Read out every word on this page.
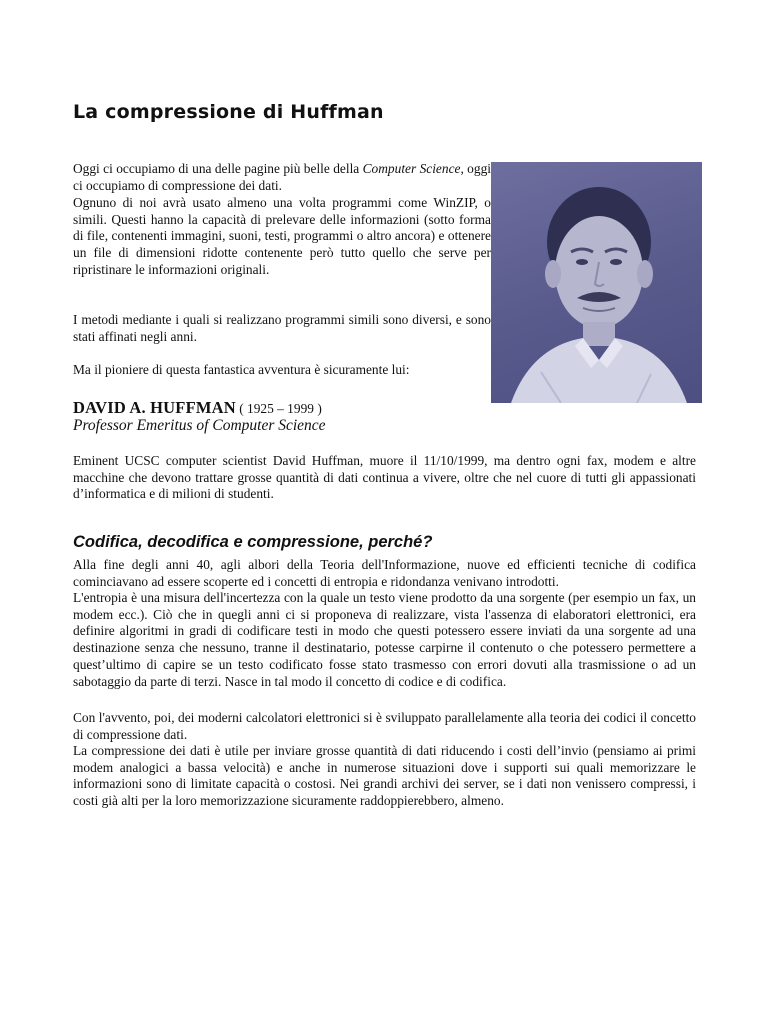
La compressione di Huffman

Oggi ci occupiamo di una delle pagine più belle della Computer Science, oggi ci occupiamo di compressione dei dati.

Ognuno di noi avrà usato almeno una volta programmi come WinZIP, o simili. Questi hanno la capacità di prelevare delle informazioni (sotto forma di file, contenenti immagini, suoni, testi, programmi o altro ancora) e ottenere un file di dimensioni ridotte contenente però tutto quello che serve per ripristinare le informazioni originali.

I metodi mediante i quali si realizzano programmi simili sono diversi, e sono stati affinati negli anni.

Ma il pioniere di questa fantastica avventura è sicuramente lui:

DAVID A. HUFFMAN ( 1925 – 1999 )

Professor Emeritus of Computer Science

Eminent UCSC computer scientist David Huffman, muore il 11/10/1999, ma dentro ogni fax, modem e altre macchine che devono trattare grosse quantità di dati continua a vivere, oltre che nel cuore di tutti gli appassionati d’informatica e di milioni di studenti.

Codifica, decodifica e compressione, perché?

Alla fine degli anni 40, agli albori della Teoria dell'Informazione, nuove ed efficienti tecniche di codifica cominciavano ad essere scoperte ed i concetti di entropia e ridondanza venivano introdotti.

L'entropia è una misura dell'incertezza con la quale un testo viene prodotto da una sorgente (per esempio un fax, un modem ecc.). Ciò che in quegli anni ci si proponeva di realizzare, vista l'assenza di elaboratori elettronici, era definire algoritmi in gradi di codificare testi in modo che questi potessero essere inviati da una sorgente ad una destinazione senza che nessuno, tranne il destinatario, potesse carpirne il contenuto o che potessero permettere a quest’ultimo di capire se un testo codificato fosse stato trasmesso con errori dovuti alla trasmissione o ad un sabotaggio da parte di terzi. Nasce in tal modo il concetto di codice e di codifica.

Con l'avvento, poi, dei moderni calcolatori elettronici si è sviluppato parallelamente alla teoria dei codici il concetto di compressione dati.

La compressione dei dati è utile per inviare grosse quantità di dati riducendo i costi dell’invio (pensiamo ai primi modem analogici a bassa velocità) e anche in numerose situazioni dove i supporti sui quali memorizzare le informazioni sono di limitate capacità o costosi. Nei grandi archivi dei server, se i dati non venissero compressi, i costi già alti per la loro memorizzazione sicuramente raddoppierebbero, almeno.
